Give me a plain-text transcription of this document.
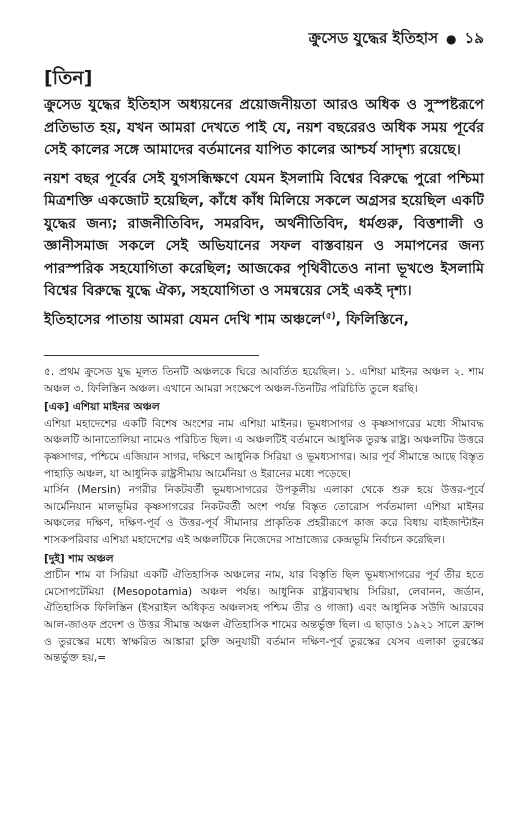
ক্রুসেড যুদ্ধের ইতিহাস ● ১৯
[তিন]

ক্রুসেড যুদ্ধের ইতিহাস অধ্যয়নের প্রয়োজনীয়তা আরও অধিক ও সুস্পষ্টরূপে প্রতিভাত হয়, যখন আমরা দেখতে পাই যে, নয়শ বছরেরও অধিক সময় পূর্বের সেই কালের সঙ্গে আমাদের বর্তমানের যাপিত কালের আশ্চর্য সাদৃশ্য রয়েছে।

নয়শ বছর পূর্বের সেই যুগসন্ধিক্ষণে যেমন ইসলামি বিশ্বের বিরুদ্ধে পুরো পশ্চিমা মিত্রশক্তি একজোট হয়েছিল, কাঁধে কাঁধ মিলিয়ে সকলে অগ্রসর হয়েছিল একটি যুদ্ধের জন্য; রাজনীতিবিদ, সমরবিদ, অর্থনীতিবিদ, ধর্মগুরু, বিত্তশালী ও জ্ঞানীসমাজ সকলে সেই অভিযানের সফল বাস্তবায়ন ও সমাপনের জন্য পারস্পরিক সহযোগিতা করেছিল; আজকের পৃথিবীতেও নানা ভূখণ্ডে ইসলামি বিশ্বের বিরুদ্ধে যুদ্ধে ঐক্য, সহযোগিতা ও সমন্বয়ের সেই একই দৃশ্য।

ইতিহাসের পাতায় আমরা যেমন দেখি শাম অঞ্চলে$^{(৫)}$, ফিলিস্তিনে,

৫. প্রথম ক্রুসেড যুদ্ধ মূলত তিনটি অঞ্চলকে ঘিরে আবর্তিত হয়েছিল। ১. এশিয়া মাইনর অঞ্চল ২. শাম অঞ্চল ৩. ফিলিস্তিন অঞ্চল। এখানে আমরা সংক্ষেপে অঞ্চল-তিনটির পরিচিতি তুলে ধরছি।

[এক] এশিয়া মাইনর অঞ্চল

এশিয়া মহাদেশের একটি বিশেষ অংশের নাম এশিয়া মাইনর। ভূমধ্যসাগর ও কৃষ্ণসাগরের মধ্যে সীমাবদ্ধ অঞ্চলটি আনাতোলিয়া নামেও পরিচিত ছিল। এ অঞ্চলটিই বর্তমানে আধুনিক তুরস্ক রাষ্ট্র। অঞ্চলটির উত্তরে কৃষ্ণসাগর, পশ্চিমে এজিয়ান সাগর, দক্ষিণে আধুনিক সিরিয়া ও ভূমধ্যসাগর। আর পূর্ব সীমান্তে আছে বিস্তৃত পাহাড়ি অঞ্চল, যা আধুনিক রাষ্ট্রসীমায় আর্মেনিয়া ও ইরানের মধ্যে পড়েছে।

মার্সিন (Mersin) নগরীর নিকটবর্তী ভূমধ্যসাগরের উপকূলীয় এলাকা থেকে শুরু হয়ে উত্তর-পূর্বে আর্মেনিয়ান মালভূমির কৃষ্ণসাগরের নিকটবর্তী অংশ পর্যন্ত বিস্তৃত তোরোস পর্বতমালা এশিয়া মাইনর অঞ্চলের দক্ষিণ, দক্ষিণ-পূর্ব ও উত্তর-পূর্ব সীমানার প্রাকৃতিক প্রহরীরূপে কাজ করে বিধায় বাইজান্টাইন শাসকপরিবার এশিয়া মহাদেশের এই অঞ্চলটিকে নিজেদের সাম্রাজ্যের কেন্দ্রভূমি নির্বাচন করেছিল।

[দুই] শাম অঞ্চল

প্রাচীন শাম বা সিরিয়া একটি ঐতিহাসিক অঞ্চলের নাম, যার বিস্তৃতি ছিল ভূমধ্যসাগরের পূর্ব তীর হতে মেসোপটেমিয়া (Mesopotamia) অঞ্চল পর্যন্ত। আধুনিক রাষ্ট্রব্যবস্থায় সিরিয়া, লেবানন, জর্ডান, ঐতিহাসিক ফিলিস্তিন (ইসরাইল অধিকৃত অঞ্চলসহ পশ্চিম তীর ও গাজা) এবং আধুনিক সউদি আরবের আল-জাওফ প্রদেশ ও উত্তর সীমান্ত অঞ্চল ঐতিহাসিক শামের অন্তর্ভুক্ত ছিল। এ ছাড়াও ১৯২১ সালে ফ্রান্স ও তুরস্কের মধ্যে স্বাক্ষরিত আঙ্কারা চুক্তি অনুযায়ী বর্তমান দক্ষিণ-পূর্ব তুরস্কের যেসব এলাকা তুরস্কের অন্তর্ভুক্ত হয়,=
